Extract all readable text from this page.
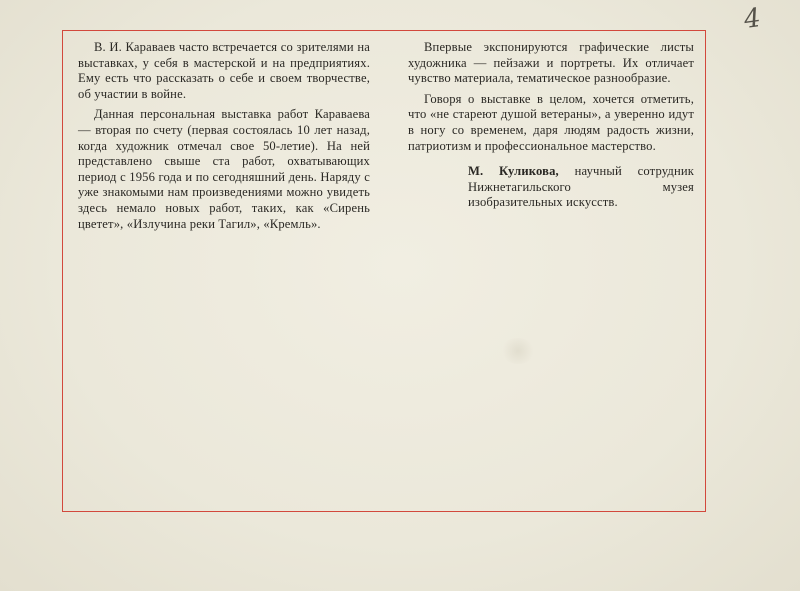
4

В. И. Караваев часто встречается со зрителями на выставках, у себя в мастерской и на предприятиях. Ему есть что рассказать о себе и своем творчестве, об участии в войне.

Данная персональная выставка работ Караваева — вторая по счету (первая состоялась 10 лет назад, когда художник отмечал свое 50-летие). На ней представлено свыше ста работ, охватывающих период с 1956 года и по сегодняшний день. Наряду с уже знакомыми нам произведениями можно увидеть здесь немало новых работ, таких, как «Сирень цветет», «Излучина реки Тагил», «Кремль».

Впервые экспонируются графические листы художника — пейзажи и портреты. Их отличает чувство материала, тематическое разнообразие.

Говоря о выставке в целом, хочется отметить, что «не стареют душой ветераны», а уверенно идут в ногу со временем, даря людям радость жизни, патриотизм и профессиональное мастерство.

М. Куликова, научный сотрудник Нижнетагильского музея изобразительных искусств.
